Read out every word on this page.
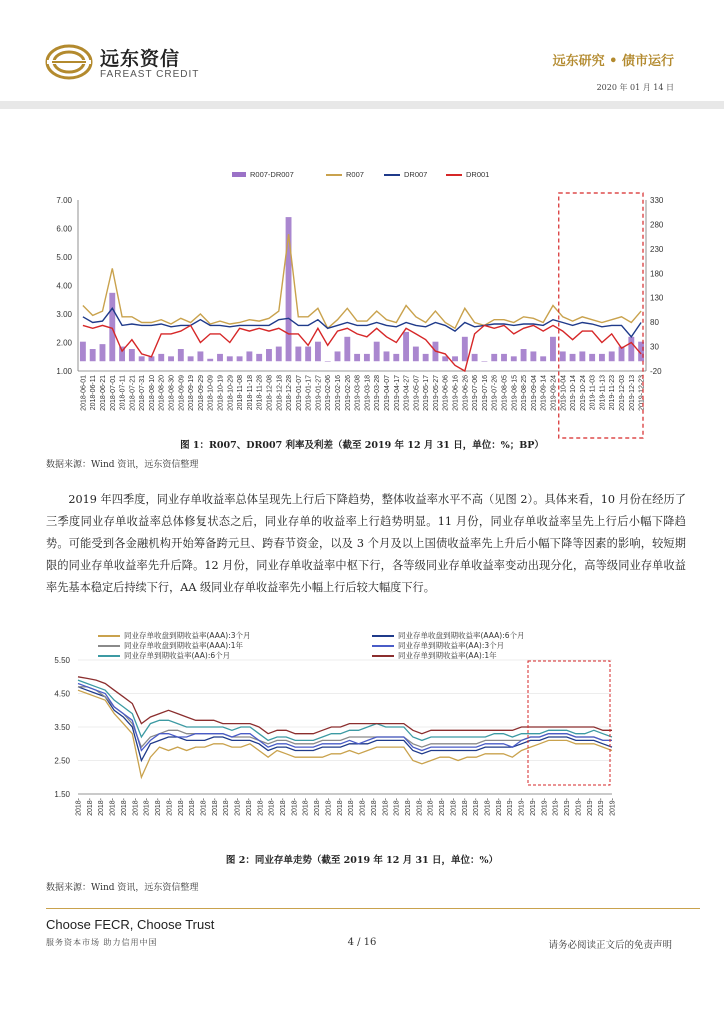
远东资信
FAREAST CREDIT
远东研究 • 债市运行
2020 年 01 月 14 日
R007-DR007	R007	DR007	DR001
7.00
6.00
5.00
4.00
3.00
2.00
1.00
330
280
230
180
130
80
30
-20
2018-06-01 2018-06-11 2018-06-21 2018-07-01 2018-07-11 2018-07-21 2018-07-31 2018-08-10 2018-08-20 2018-08-30 2018-09-09 2018-09-19 2018-09-29 2018-10-09 2018-10-19 2018-10-29 2018-11-08 2018-11-18 2018-11-28 2018-12-08 2018-12-18 2018-12-28 2019-01-07 2019-01-17 2019-01-27 2019-02-06 2019-02-16 2019-02-26 2019-03-08 2019-03-18 2019-03-28 2019-04-07 2019-04-17 2019-04-27 2019-05-07 2019-05-17 2019-05-27 2019-06-06 2019-06-16 2019-06-26 2019-07-06 2019-07-16 2019-07-26 2019-08-05 2019-08-15 2019-08-25 2019-09-04 2019-09-14 2019-09-24 2019-10-04 2019-10-14 2019-10-24 2019-11-03 2019-11-13 2019-11-23 2019-12-03 2019-12-13 2019-12-23
图 1：R007、DR007 利率及利差（截至 2019 年 12 月 31 日，单位：%；BP）
数据来源：Wind 资讯，远东资信整理

2019 年四季度，同业存单收益率总体呈现先上行后下降趋势，整体收益率水平不高（见图 2）。具体来看，10 月份在经历了三季度同业存单收益率总体修复状态之后，同业存单的收益率上行趋势明显。11 月份，同业存单收益率呈先上行后小幅下降趋势。可能受到各金融机构开始筹备跨元旦、跨春节资金，以及 3 个月及以上国债收益率先上升后小幅下降等因素的影响，较短期限的同业存单收益率先升后降。12 月份，同业存单收益率中枢下行，各等级同业存单收益率变动出现分化，高等级同业存单收益率先基本稳定后持续下行，AA 级同业存单收益率先小幅上行后较大幅度下行。

同业存单收盘到期收益率(AAA):3个月	同业存单收盘到期收益率(AAA):6个月
同业存单收盘到期收益率(AAA):1年	同业存单到期收益率(AA):3个月
同业存单到期收益率(AA):6个月	同业存单到期收益率(AA):1年
5.50
4.50
3.50
2.50
1.50
2018- 2018- 2018- 2018- 2018- 2018- 2018- 2018- 2018- 2018- 2018- 2018- 2018- 2018- 2018- 2018- 2018- 2018- 2018- 2018- 2018- 2018- 2018- 2018- 2018- 2018- 2018- 2018- 2018- 2018- 2018- 2018- 2018- 2018- 2018- 2018- 2018- 2018- 2019- 2019- 2019- 2019- 2019- 2019- 2019- 2019- 2019- 2019-
图 2：同业存单走势（截至 2019 年 12 月 31 日，单位：%）
数据来源：Wind 资讯，远东资信整理
Choose FECR, Choose Trust
服务资本市场 助力信用中国	4 / 16	请务必阅读正文后的免责声明
